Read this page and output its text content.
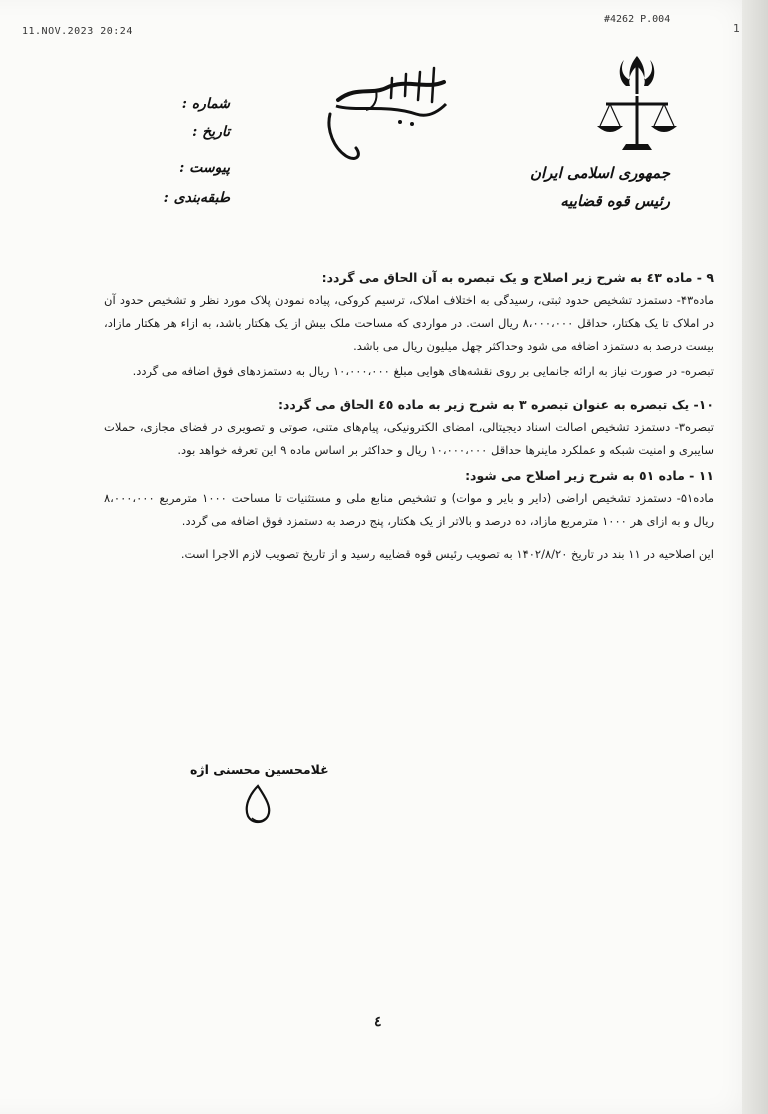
11.NOV.2023 20:24
#4262 P.004
1
جمهوری اسلامی ایران
رئیس قوه قضاییه
شماره :
تاریخ :
پیوست :
طبقه‌بندی :

۹ - ماده ٤٣ به شرح زیر اصلاح و یک تبصره به آن الحاق می گردد:

ماده۴۳- دستمزد تشخیص حدود ثبتی، رسیدگی به اختلاف املاک، ترسیم کروکی، پیاده نمودن پلاک مورد نظر و تشخیص حدود آن در املاک تا یک هکتار، حداقل ۸،۰۰۰،۰۰۰ ریال است. در مواردی که مساحت ملک بیش از یک هکتار باشد، به ازاء هر هکتار مازاد، بیست درصد به دستمزد اضافه می شود وحداکثر چهل میلیون ریال می باشد.

تبصره- در صورت نیاز به ارائه جانمایی بر روی نقشه‌های هوایی مبلغ ۱۰،۰۰۰،۰۰۰ ریال به دستمزدهای فوق اضافه می گردد.

۱۰- یک تبصره به عنوان تبصره ۳ به شرح زیر به ماده ٤٥ الحاق می گردد:

تبصره۳- دستمزد تشخیص اصالت اسناد دیجیتالی، امضای الکترونیکی، پیام‌های متنی، صوتی و تصویری در فضای مجازی، حملات سایبری و امنیت شبکه و عملکرد ماینرها حداقل ۱۰،۰۰۰،۰۰۰ ریال و حداکثر بر اساس ماده ۹ این تعرفه خواهد بود.

۱۱ - ماده ٥١ به شرح زیر اصلاح می شود:

ماده۵۱- دستمزد تشخیص اراضی (دایر و بایر و موات) و تشخیص منابع ملی و مستثنیات تا مساحت ۱۰۰۰ مترمربع ۸،۰۰۰،۰۰۰ ریال و به ازای هر ۱۰۰۰ مترمربع مازاد، ده درصد و بالاتر از یک هکتار، پنج درصد به دستمزد فوق اضافه می گردد.

این اصلاحیه در ۱۱ بند در تاریخ ۱۴۰۲/۸/۲۰ به تصویب رئیس قوه قضاییه رسید و از تاریخ تصویب لازم الاجرا است.

غلامحسین محسنی اژه
٤
